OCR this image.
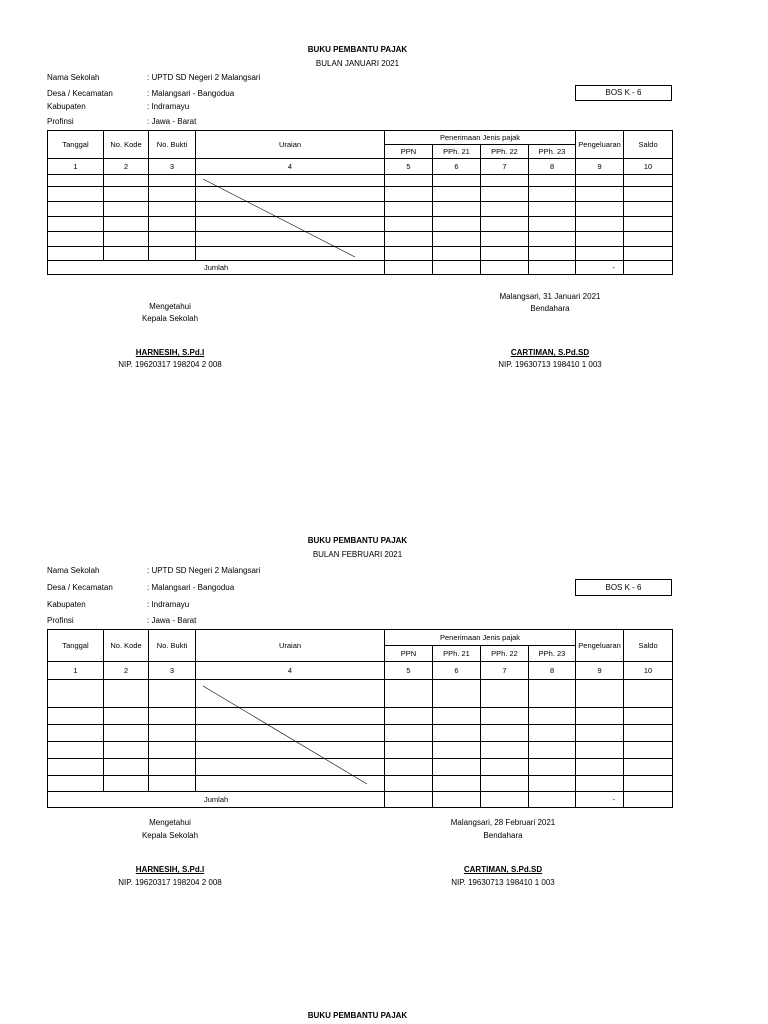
BUKU PEMBANTU PAJAK
BULAN JANUARI 2021
Nama Sekolah	: UPTD SD Negeri 2 Malangsari
Desa / Kecamatan	: Malangsari - Bangodua
Kabupaten	: Indramayu
Profinsi	: Jawa - Barat
BOS K - 6
Tanggal	No. Kode	No. Bukti	Uraian	Penerimaan Jenis pajak				Pengeluaran	Saldo
				PPN	PPh. 21	PPh. 22	PPh. 23		
1	2	3	4	5	6	7	8	9	10

Jumlah								-	
Mengetahui
Kepala Sekolah
HARNESIH, S.Pd.I
NIP. 19620317 198204 2 008
Malangsari, 31 Januari 2021
Bendahara
CARTIMAN, S.Pd.SD
NIP. 19630713 198410 1 003
BUKU PEMBANTU PAJAK
BULAN FEBRUARI 2021
Nama Sekolah	: UPTD SD Negeri 2 Malangsari
Desa / Kecamatan	: Malangsari - Bangodua
Kabupaten	: Indramayu
Profinsi	: Jawa - Barat
BOS K - 6
Tanggal	No. Kode	No. Bukti	Uraian	Penerimaan Jenis pajak				Pengeluaran	Saldo
				PPN	PPh. 21	PPh. 22	PPh. 23		
1	2	3	4	5	6	7	8	9	10

Jumlah								-	
Mengetahui
Kepala Sekolah
HARNESIH, S.Pd.I
NIP. 19620317 198204 2 008
Malangsari, 28 Februari 2021
Bendahara
CARTIMAN, S.Pd.SD
NIP. 19630713 198410 1 003
BUKU PEMBANTU PAJAK
